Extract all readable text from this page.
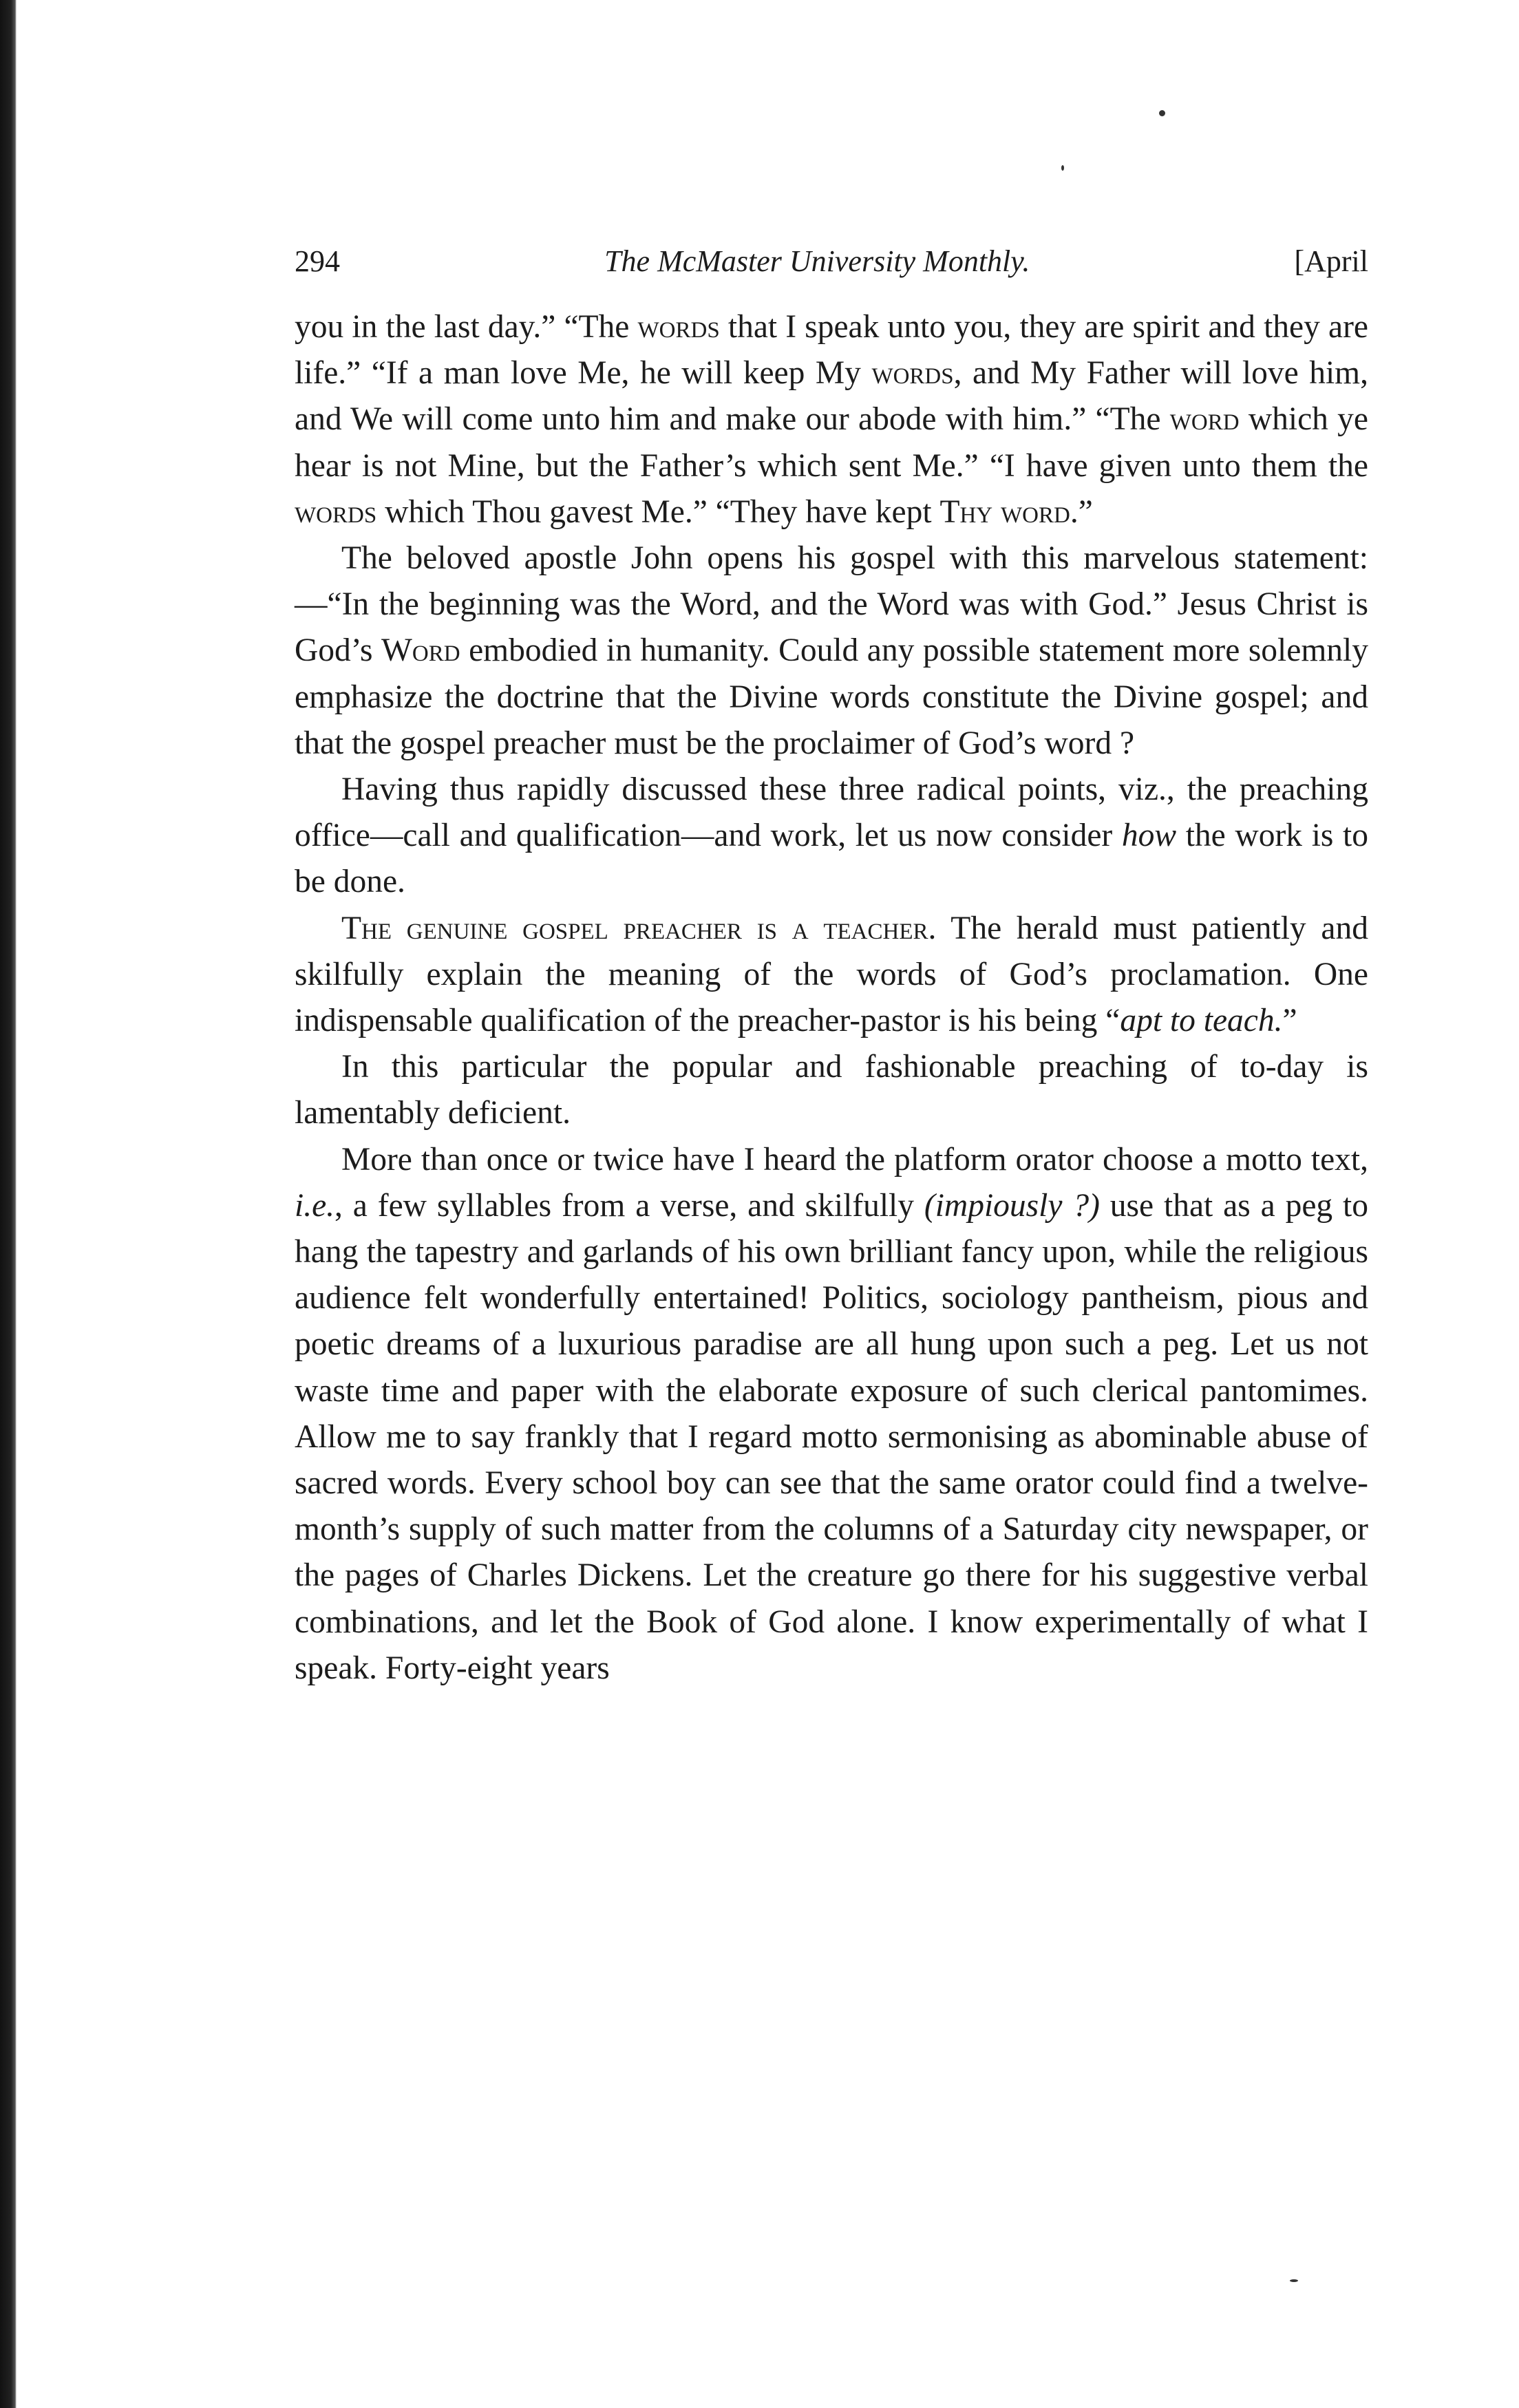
294	The McMaster University Monthly.	[April

you in the last day.” “The words that I speak unto you, they are spirit and they are life.” “If a man love Me, he will keep My words, and My Father will love him, and We will come unto him and make our abode with him.” “The word which ye hear is not Mine, but the Father’s which sent Me.” “I have given unto them the words which Thou gavest Me.” “They have kept Thy word.”

The beloved apostle John opens his gospel with this marvelous statement:—“In the beginning was the Word, and the Word was with God.” Jesus Christ is God’s Word embodied in humanity. Could any possible statement more solemnly emphasize the doctrine that the Divine words constitute the Divine gospel; and that the gospel preacher must be the proclaimer of God’s word ?

Having thus rapidly discussed these three radical points, viz., the preaching office—call and qualification—and work, let us now consider how the work is to be done.

The genuine gospel preacher is a teacher. The herald must patiently and skilfully explain the meaning of the words of God’s proclamation. One indispensable qualification of the preacher-pastor is his being “apt to teach.”

In this particular the popular and fashionable preaching of to-day is lamentably deficient.

More than once or twice have I heard the platform orator choose a motto text, i.e., a few syllables from a verse, and skilfully (impiously ?) use that as a peg to hang the tapestry and garlands of his own brilliant fancy upon, while the religious audience felt wonderfully entertained! Politics, sociology pantheism, pious and poetic dreams of a luxurious paradise are all hung upon such a peg. Let us not waste time and paper with the elaborate exposure of such clerical pantomimes. Allow me to say frankly that I regard motto sermonising as abominable abuse of sacred words. Every school boy can see that the same orator could find a twelve-month’s supply of such matter from the columns of a Saturday city newspaper, or the pages of Charles Dickens. Let the creature go there for his suggestive verbal combinations, and let the Book of God alone. I know experimentally of what I speak. Forty-eight years
